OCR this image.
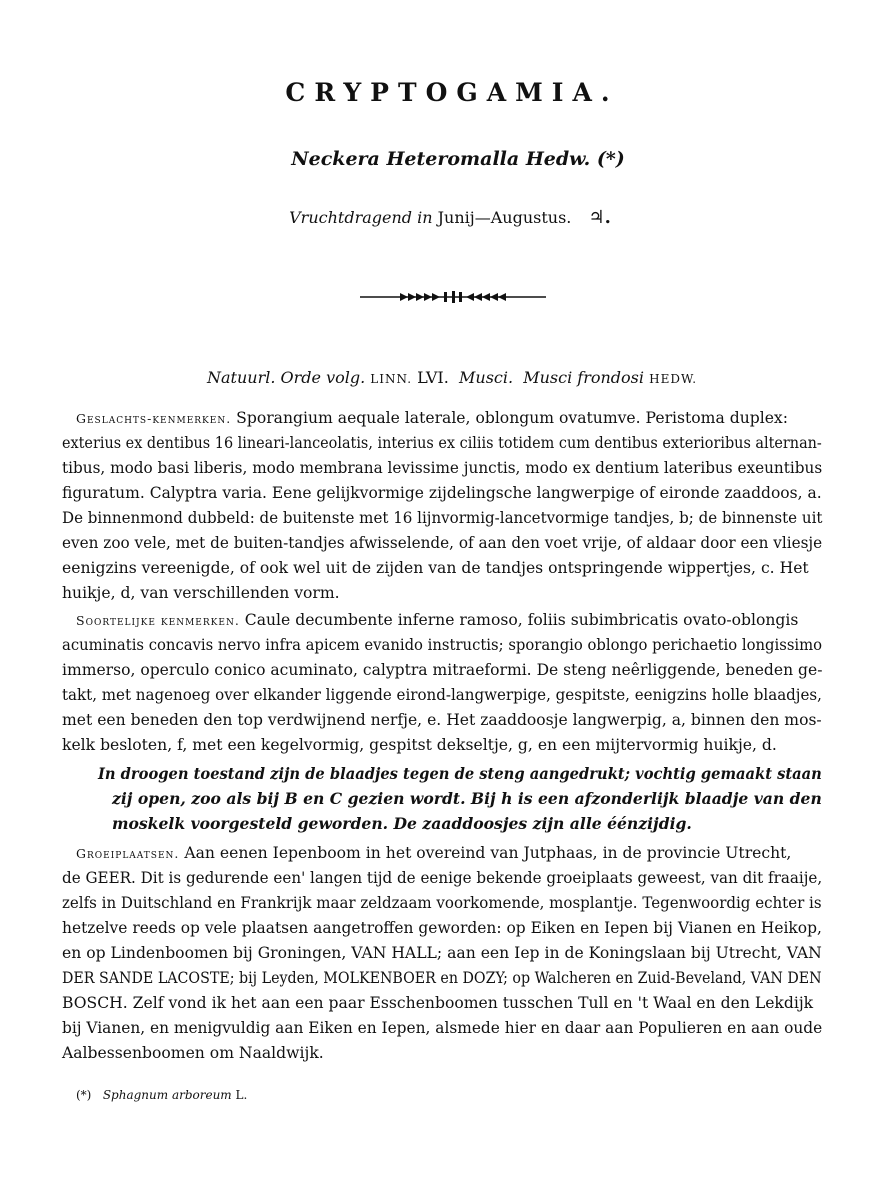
CRYPTOGAMIA.
Neckera Heteromalla Hedw. (*)
Vruchtdragend in Junij—Augustus. ♃.
Natuurl. Orde volg. LINN. LVI. Musci. Musci frondosi HEDW.
Geslachts-kenmerken. Sporangium aequale laterale, oblongum ovatumve. Peristoma duplex:
exterius ex dentibus 16 lineari-lanceolatis, interius ex ciliis totidem cum dentibus exterioribus alternan-
tibus, modo basi liberis, modo membrana levissime junctis, modo ex dentium lateribus exeuntibus
figuratum. Calyptra varia. Eene gelijkvormige zijdelingsche langwerpige of eironde zaaddoos, a.
De binnenmond dubbeld: de buitenste met 16 lijnvormig-lancetvormige tandjes, b; de binnenste uit
even zoo vele, met de buiten-tandjes afwisselende, of aan den voet vrije, of aldaar door een vliesje
eenigzins vereenigde, of ook wel uit de zijden van de tandjes ontspringende wippertjes, c. Het
huikje, d, van verschillenden vorm.
Soortelijke kenmerken. Caule decumbente inferne ramoso, foliis subimbricatis ovato-oblongis
acuminatis concavis nervo infra apicem evanido instructis; sporangio oblongo perichaetio longissimo
immerso, operculo conico acuminato, calyptra mitraeformi. De steng neêrliggende, beneden ge-
takt, met nagenoeg over elkander liggende eirond-langwerpige, gespitste, eenigzins holle blaadjes,
met een beneden den top verdwijnend nerfje, e. Het zaaddoosje langwerpig, a, binnen den mos-
kelk besloten, f, met een kegelvormig, gespitst dekseltje, g, en een mijtervormig huikje, d.
In droogen toestand zijn de blaadjes tegen de steng aangedrukt; vochtig gemaakt staan
zij open, zoo als bij B en C gezien wordt. Bij h is een afzonderlijk blaadje van den
moskelk voorgesteld geworden. De zaaddoosjes zijn alle éénzijdig.
Groeiplaatsen. Aan eenen Iepenboom in het overeind van Jutphaas, in de provincie Utrecht,
de GEER. Dit is gedurende een' langen tijd de eenige bekende groeiplaats geweest, van dit fraaije,
zelfs in Duitschland en Frankrijk maar zeldzaam voorkomende, mosplantje. Tegenwoordig echter is
hetzelve reeds op vele plaatsen aangetroffen geworden: op Eiken en Iepen bij Vianen en Heikop,
en op Lindenboomen bij Groningen, VAN HALL; aan een Iep in de Koningslaan bij Utrecht, VAN
DER SANDE LACOSTE; bij Leyden, MOLKENBOER en DOZY; op Walcheren en Zuid-Beveland, VAN DEN
BOSCH. Zelf vond ik het aan een paar Esschenboomen tusschen Tull en 't Waal en den Lekdijk
bij Vianen, en menigvuldig aan Eiken en Iepen, alsmede hier en daar aan Populieren en aan oude
Aalbessenboomen om Naaldwijk.
(*) Sphagnum arboreum L.
